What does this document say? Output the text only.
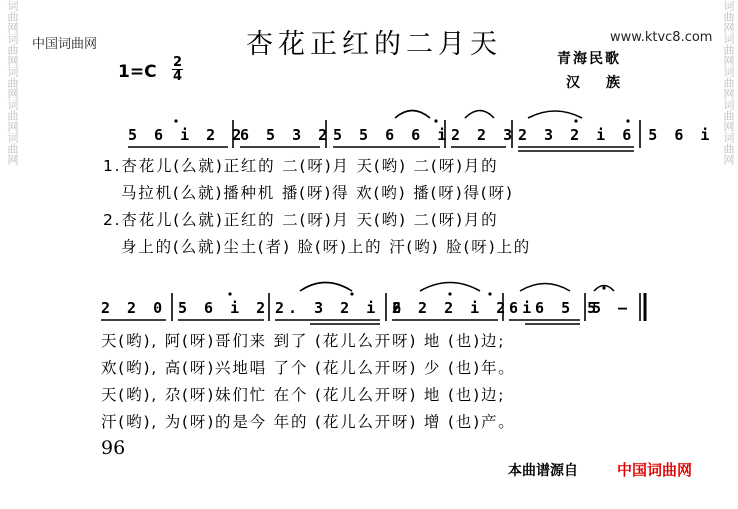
词曲网词曲网词曲网词曲网词曲网	词曲网词曲网词曲网词曲网词曲网
中国词曲网	www.ktvc8.com
杏花正红的二月天	青海民歌
汉族
$1=C \frac{2}{4}$
5 6 i 2 2
6 5 3 2 5 5 6 6 i 2 2 3 2 3 2 i 6 5 6 i
1.杏花儿(么就)正红的 二(呀)月 天(哟) 二(呀)月的
马拉机(么就)播种机 播(呀)得 欢(哟) 播(呀)得(呀)
2.杏花儿(么就)正红的 二(呀)月 天(哟) 二(呀)月的
身上的(么就)尘土(者) 脸(呀)上的 汗(哟) 脸(呀)上的
2 2 0 5 6 i 2 2. 3 2 i 6
2 2 2 i 2 i
6 6 5 5
5 –
天(哟), 阿(呀)哥们来 到了 (花儿么开呀) 地 (也)边;
欢(哟), 高(呀)兴地唱 了个 (花儿么开呀) 少 (也)年。
天(哟), 尕(呀)妹们忙 在个 (花儿么开呀) 地 (也)边;
汗(哟), 为(呀)的是今 年的 (花儿么开呀) 增 (也)产。
96
本曲谱源自	中国词曲网
